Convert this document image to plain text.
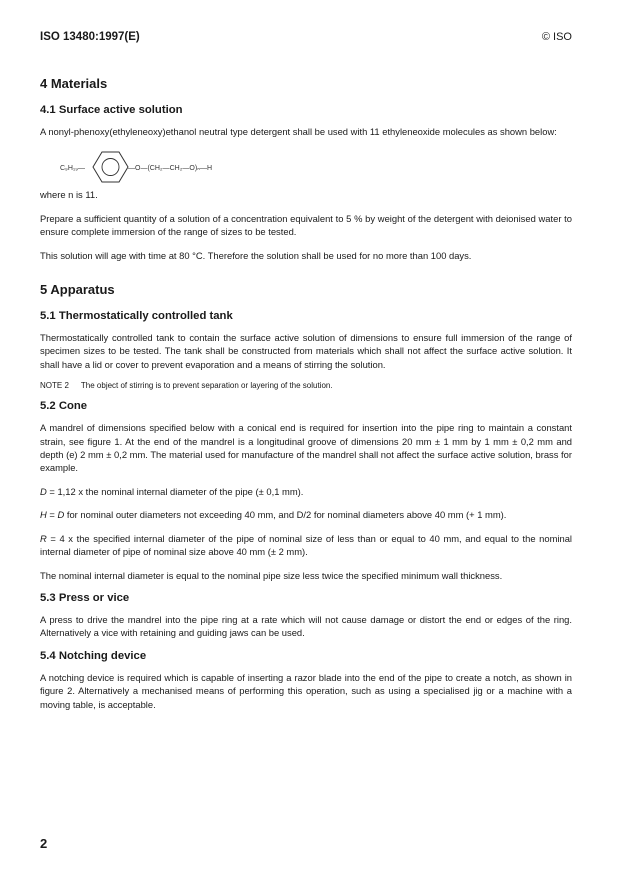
ISO 13480:1997(E)	© ISO
4 Materials
4.1 Surface active solution

A nonyl-phenoxy(ethyleneoxy)ethanol neutral type detergent shall be used with 11 ethyleneoxide molecules as shown below:

C₉H₁₉—	—O—(CH₂—CH₂—O)ₙ—H

where n is 11.

Prepare a sufficient quantity of a solution of a concentration equivalent to 5 % by weight of the detergent with deionised water to ensure complete immersion of the range of sizes to be tested.

This solution will age with time at 80 °C. Therefore the solution shall be used for no more than 100 days.

5 Apparatus
5.1 Thermostatically controlled tank

Thermostatically controlled tank to contain the surface active solution of dimensions to ensure full immersion of the range of specimen sizes to be tested. The tank shall be constructed from materials which shall not affect the surface active solution. It shall have a lid or cover to prevent evaporation and a means of stirring the solution.

NOTE 2 The object of stirring is to prevent separation or layering of the solution.
5.2 Cone

A mandrel of dimensions specified below with a conical end is required for insertion into the pipe ring to maintain a constant strain, see figure 1. At the end of the mandrel is a longitudinal groove of dimensions 20 mm ± 1 mm by 1 mm ± 0,2 mm and depth (e) 2 mm ± 0,2 mm. The material used for manufacture of the mandrel shall not affect the surface active solution, brass for example.

D = 1,12 x the nominal internal diameter of the pipe (± 0,1 mm).

H = D for nominal outer diameters not exceeding 40 mm, and D/2 for nominal diameters above 40 mm (+ 1 mm).

R = 4 x the specified internal diameter of the pipe of nominal size of less than or equal to 40 mm, and equal to the nominal internal diameter of pipe of nominal size above 40 mm (± 2 mm).

The nominal internal diameter is equal to the nominal pipe size less twice the specified minimum wall thickness.

5.3 Press or vice

A press to drive the mandrel into the pipe ring at a rate which will not cause damage or distort the end or edges of the ring. Alternatively a vice with retaining and guiding jaws can be used.

5.4 Notching device

A notching device is required which is capable of inserting a razor blade into the end of the pipe to create a notch, as shown in figure 2. Alternatively a mechanised means of performing this operation, such as using a specialised jig or a machine with a moving table, is acceptable.

2
